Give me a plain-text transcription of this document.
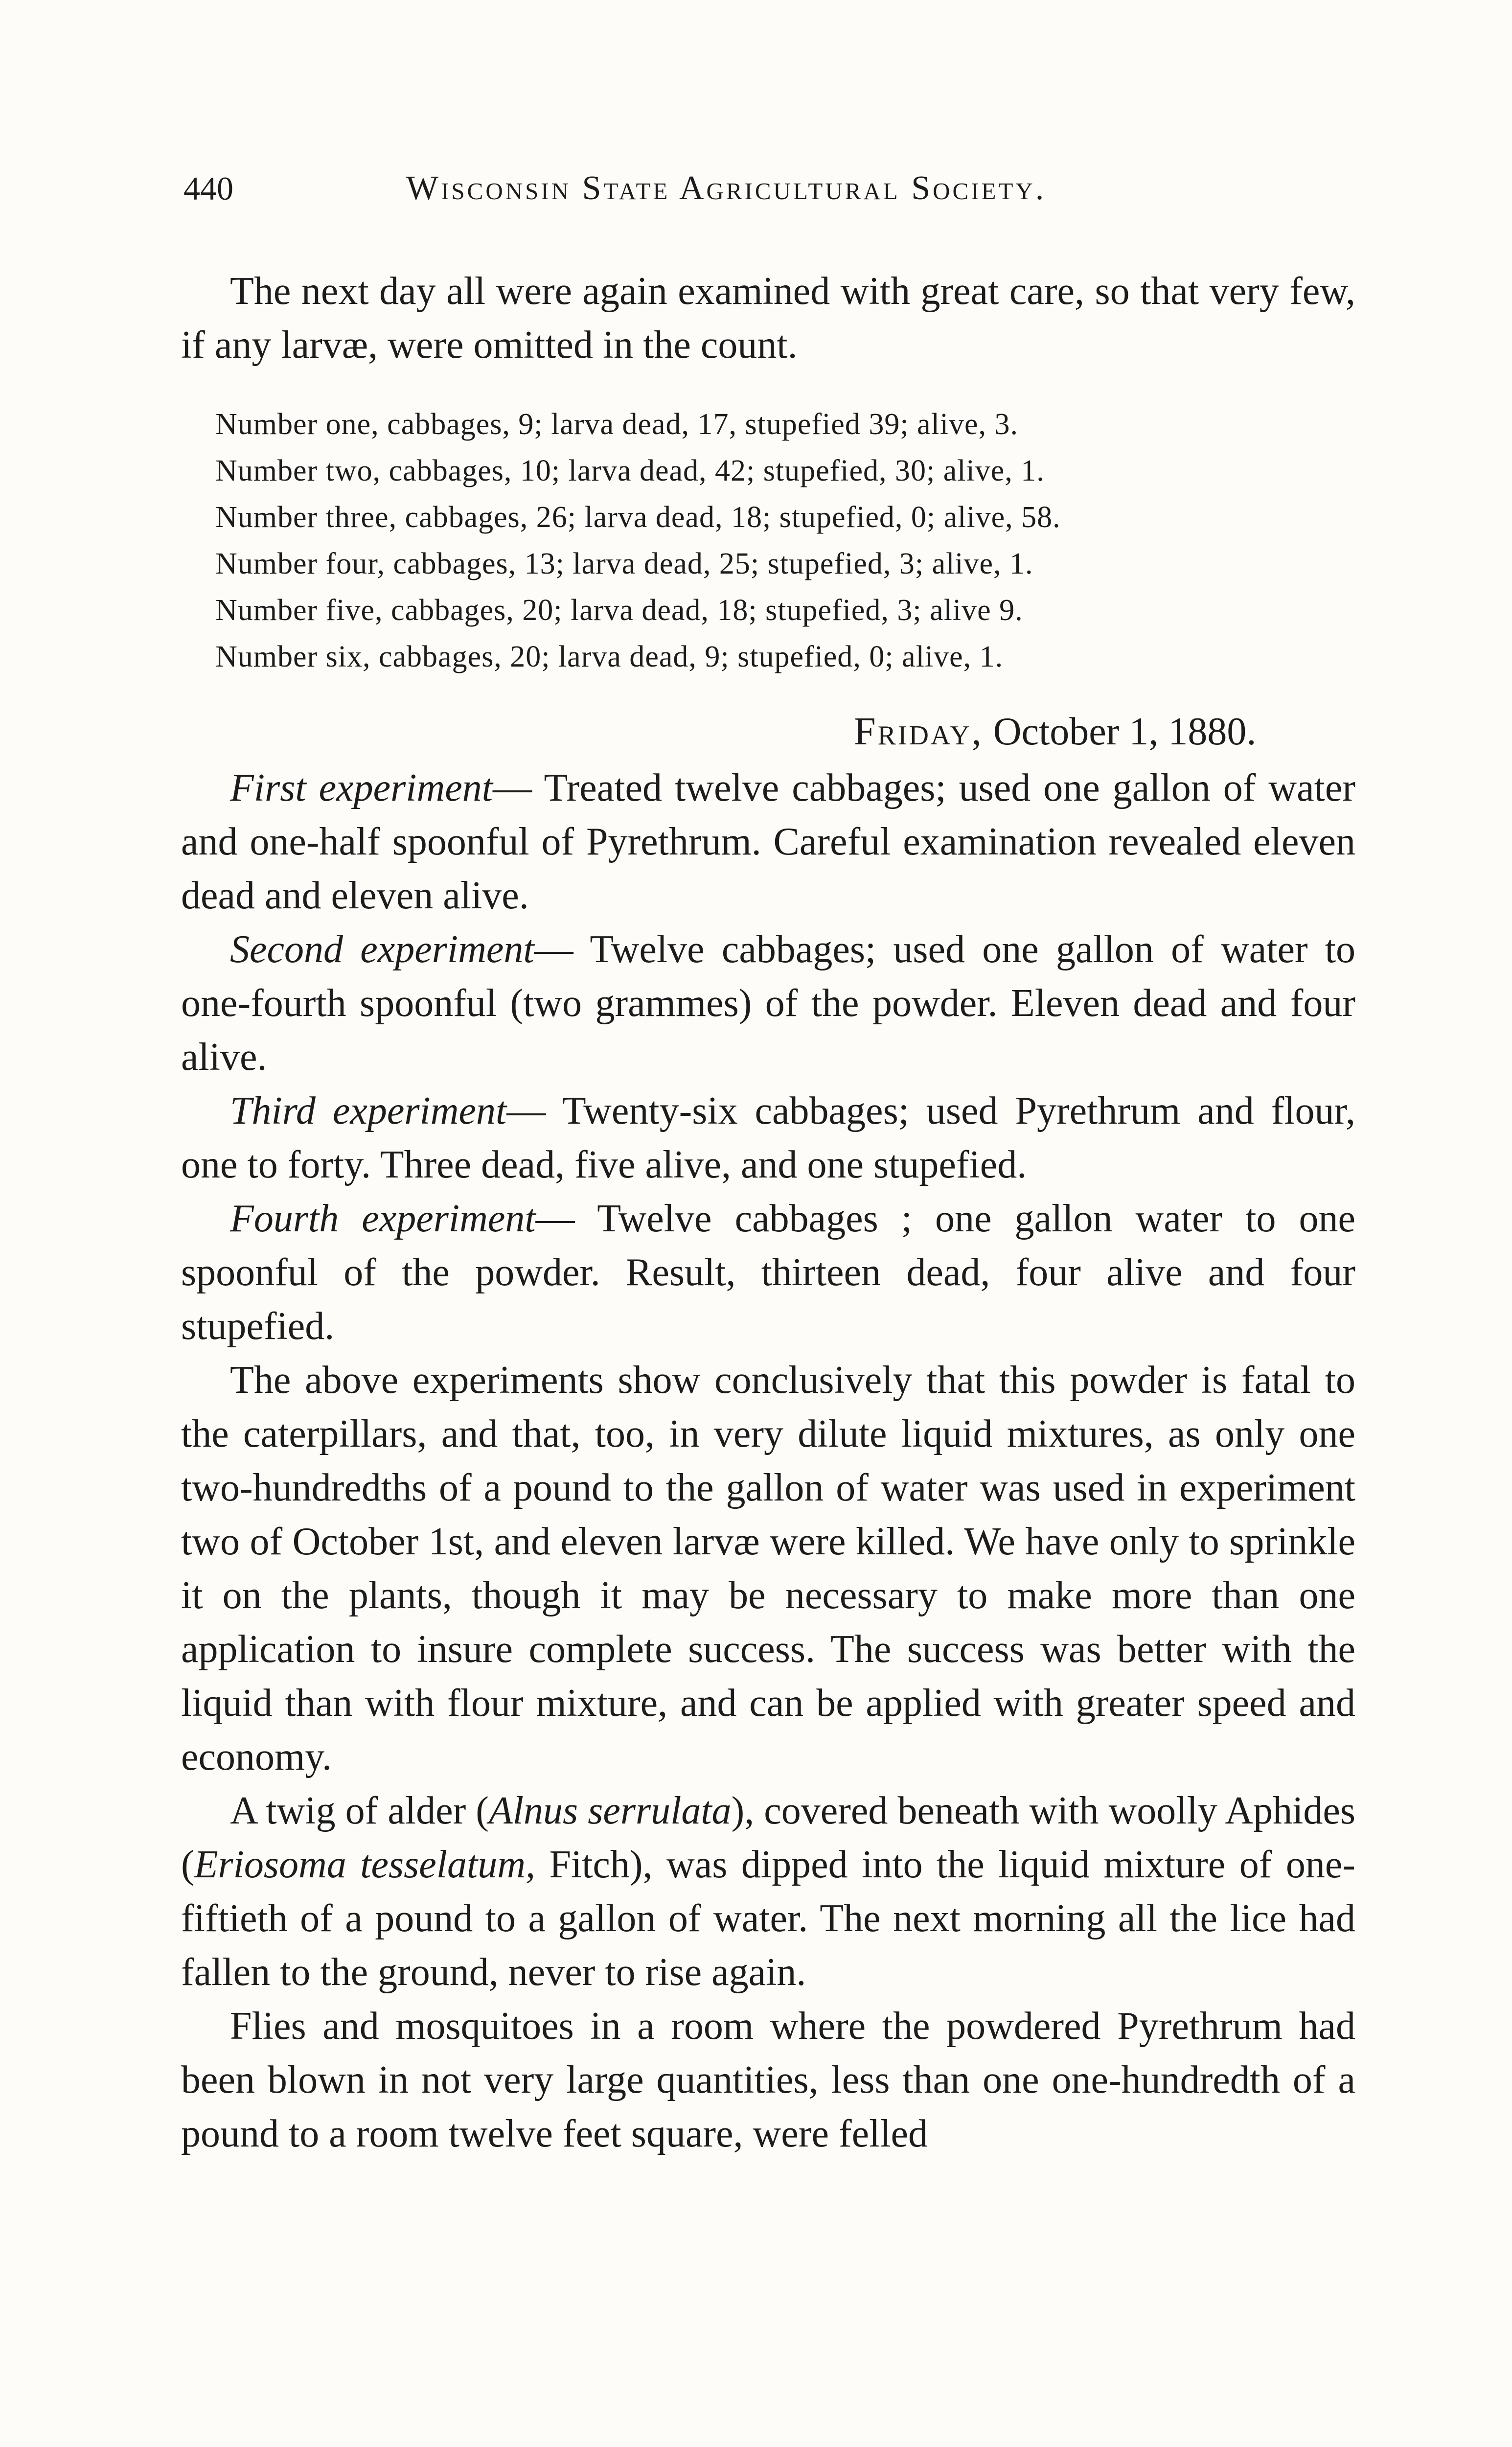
440	Wisconsin State Agricultural Society.

The next day all were again examined with great care, so that very few, if any larvæ, were omitted in the count.

Number one, cabbages, 9; larva dead, 17, stupefied 39; alive, 3.
Number two, cabbages, 10; larva dead, 42; stupefied, 30; alive, 1.
Number three, cabbages, 26; larva dead, 18; stupefied, 0; alive, 58.
Number four, cabbages, 13; larva dead, 25; stupefied, 3; alive, 1.
Number five, cabbages, 20; larva dead, 18; stupefied, 3; alive 9.
Number six, cabbages, 20; larva dead, 9; stupefied, 0; alive, 1.
Friday, October 1, 1880.

First experiment— Treated twelve cabbages; used one gallon of water and one-half spoonful of Pyrethrum. Careful examination revealed eleven dead and eleven alive.

Second experiment— Twelve cabbages; used one gallon of water to one-fourth spoonful (two grammes) of the powder. Eleven dead and four alive.

Third experiment— Twenty-six cabbages; used Pyrethrum and flour, one to forty. Three dead, five alive, and one stupefied.

Fourth experiment— Twelve cabbages ; one gallon water to one spoonful of the powder. Result, thirteen dead, four alive and four stupefied.

The above experiments show conclusively that this powder is fatal to the caterpillars, and that, too, in very dilute liquid mixtures, as only one two-hundredths of a pound to the gallon of water was used in experiment two of October 1st, and eleven larvæ were killed. We have only to sprinkle it on the plants, though it may be necessary to make more than one application to insure complete success. The success was better with the liquid than with flour mixture, and can be applied with greater speed and economy.

A twig of alder (Alnus serrulata), covered beneath with woolly Aphides (Eriosoma tesselatum, Fitch), was dipped into the liquid mixture of one-fiftieth of a pound to a gallon of water. The next morning all the lice had fallen to the ground, never to rise again.

Flies and mosquitoes in a room where the powdered Pyrethrum had been blown in not very large quantities, less than one one-hundredth of a pound to a room twelve feet square, were felled
